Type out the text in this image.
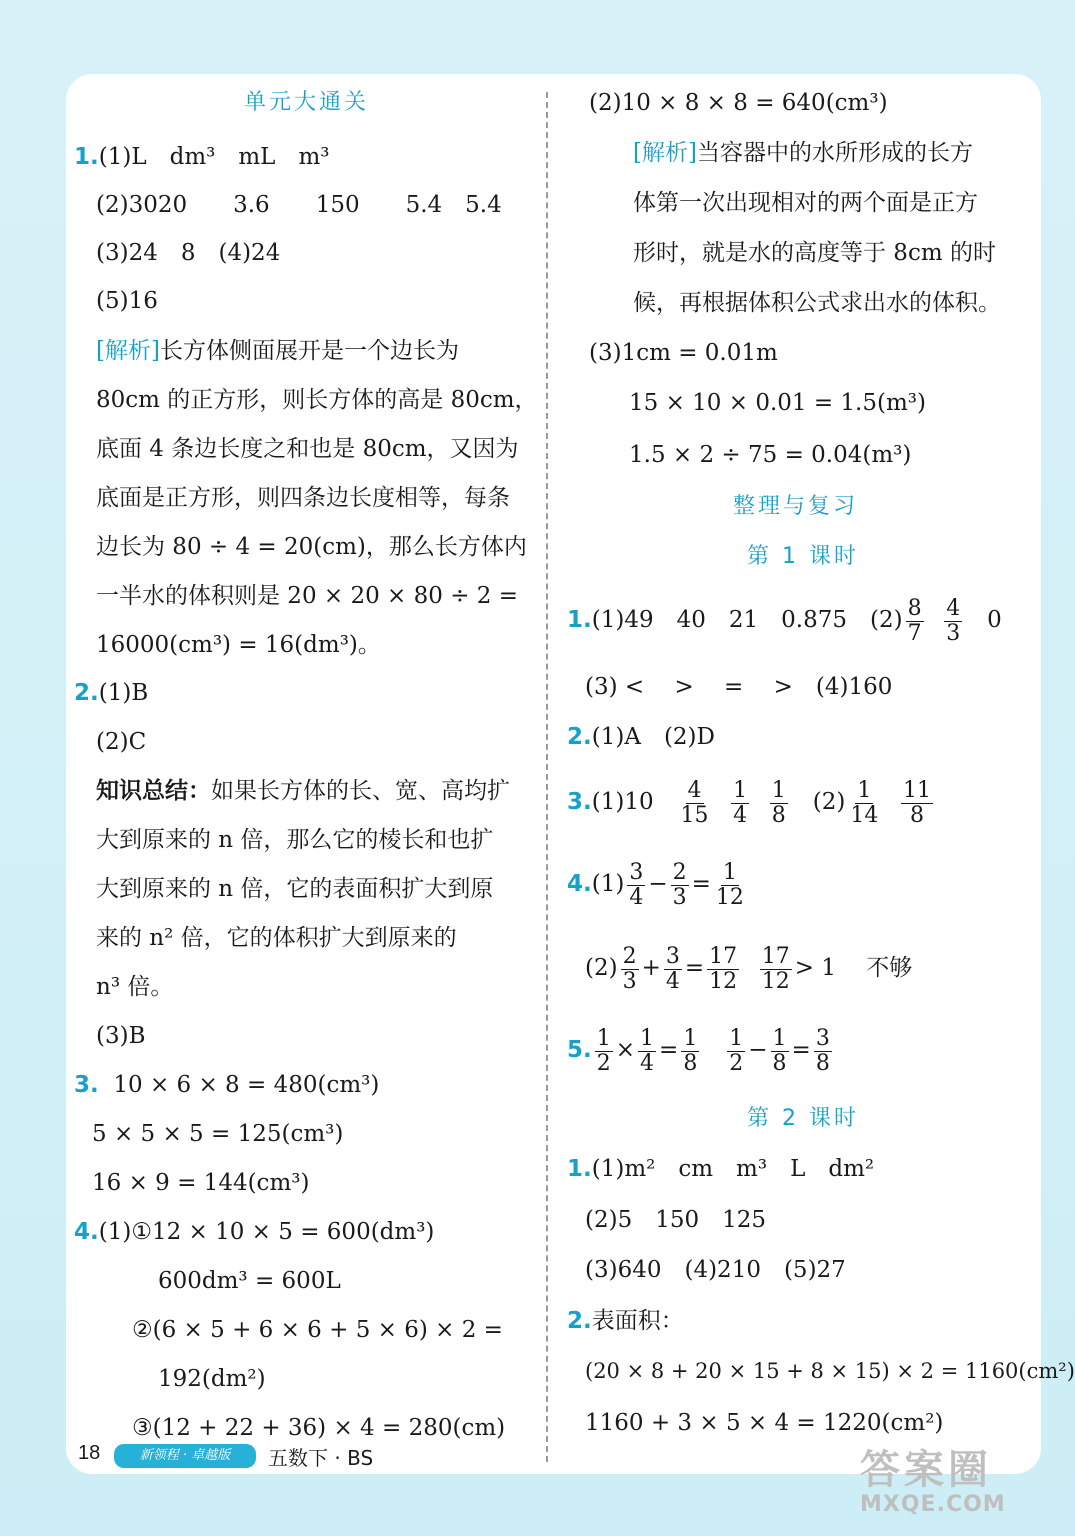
单元大通关
1.(1)L　dm³　mL　m³
(2)3020　　3.6　　150　　5.4　5.4
(3)24　8　(4)24
(5)16
[解析]长方体侧面展开是一个边长为
80cm 的正方形，则长方体的高是 80cm，
底面 4 条边长度之和也是 80cm，又因为
底面是正方形，则四条边长度相等，每条
边长为 80 ÷ 4 = 20(cm)，那么长方体内
一半水的体积则是 20 × 20 × 80 ÷ 2 =
16000(cm³) = 16(dm³)。
2.(1)B
(2)C
知识总结：如果长方体的长、宽、高均扩
大到原来的 n 倍，那么它的棱长和也扩
大到原来的 n 倍，它的表面积扩大到原
来的 n² 倍，它的体积扩大到原来的
n³ 倍。
(3)B
3. 10 × 6 × 8 = 480(cm³)
5 × 5 × 5 = 125(cm³)
16 × 9 = 144(cm³)
4.(1)①12 × 10 × 5 = 600(dm³)
600dm³ = 600L
②(6 × 5 + 6 × 6 + 5 × 6) × 2 =
192(dm²)
③(12 + 22 + 36) × 4 = 280(cm)
(2)10 × 8 × 8 = 640(cm³)
[解析]当容器中的水所形成的长方
体第一次出现相对的两个面是正方
形时，就是水的高度等于 8cm 的时
候，再根据体积公式求出水的体积。
(3)1cm = 0.01m
15 × 10 × 0.01 = 1.5(m³)
1.5 × 2 ÷ 75 = 0.04(m³)
整理与复习
第 1 课时
1.(1)49　40　21　0.875　$(2) \frac{8}{7}$
$\frac{4}{3} 0$
(3) <　 >　 =　 >　(4)160
2.(1)A　(2)D
$3.(1)10 \frac{4}{15}$
$\frac{1}{4}$
$\frac{1}{8} (2) \frac{1}{14}$
$\frac{11}{8}$
$4.(1) \frac{3}{4} - \frac{2}{3} = \frac{1}{12}$
$(2) \frac{2}{3} + \frac{3}{4} = \frac{17}{12}$
$\frac{17}{12} > 1$　 不够
5. $\frac{1}{2} \times \frac{1}{4} = \frac{1}{8}$
$\frac{1}{2} - \frac{1}{8} = \frac{3}{8}$
第 2 课时
1.(1)m²　cm　m³　L　dm²
(2)5　150　125
(3)640　(4)210　(5)27
2.表面积：
(20 × 8 + 20 × 15 + 8 × 15) × 2 = 1160(cm²)
1160 + 3 × 5 × 4 = 1220(cm²)
18	新领程 · 卓越版	五数下 · BS	答案圈
MXQE.COM
